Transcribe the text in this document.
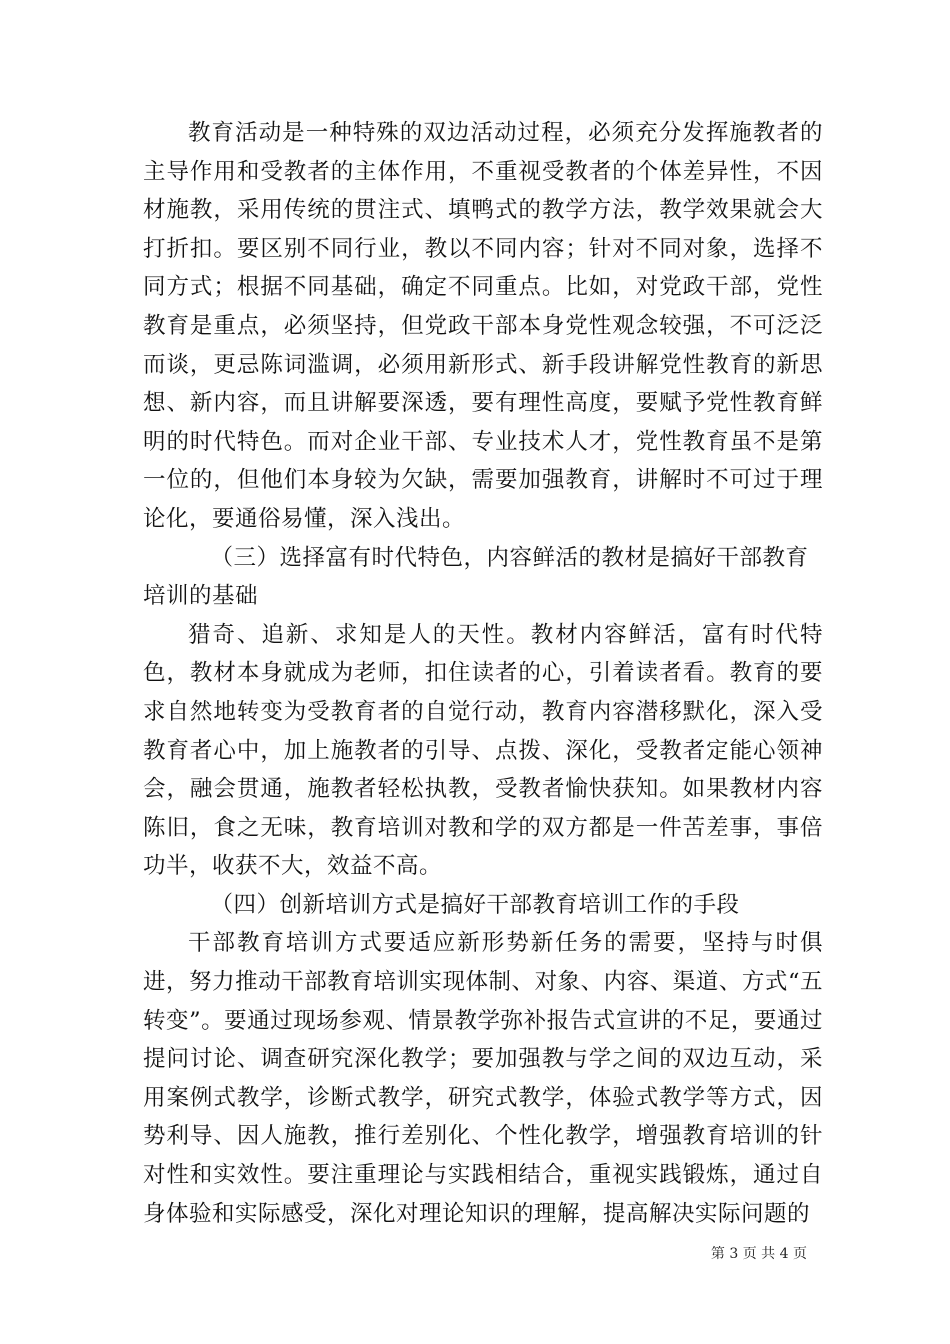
教育活动是一种特殊的双边活动过程，必须充分发挥施教者的主导作用和受教者的主体作用，不重视受教者的个体差异性，不因材施教，采用传统的贯注式、填鸭式的教学方法，教学效果就会大打折扣。要区别不同行业，教以不同内容；针对不同对象，选择不同方式；根据不同基础，确定不同重点。比如，对党政干部，党性教育是重点，必须坚持，但党政干部本身党性观念较强，不可泛泛而谈，更忌陈词滥调，必须用新形式、新手段讲解党性教育的新思想、新内容，而且讲解要深透，要有理性高度，要赋予党性教育鲜明的时代特色。而对企业干部、专业技术人才，党性教育虽不是第一位的，但他们本身较为欠缺，需要加强教育，讲解时不可过于理论化，要通俗易懂，深入浅出。

（三）选择富有时代特色，内容鲜活的教材是搞好干部教育培训的基础

猎奇、追新、求知是人的天性。教材内容鲜活，富有时代特色，教材本身就成为老师，扣住读者的心，引着读者看。教育的要求自然地转变为受教育者的自觉行动，教育内容潜移默化，深入受教育者心中，加上施教者的引导、点拨、深化，受教者定能心领神会，融会贯通，施教者轻松执教，受教者愉快获知。如果教材内容陈旧，食之无味，教育培训对教和学的双方都是一件苦差事，事倍功半，收获不大，效益不高。

（四）创新培训方式是搞好干部教育培训工作的手段

干部教育培训方式要适应新形势新任务的需要，坚持与时俱进，努力推动干部教育培训实现体制、对象、内容、渠道、方式“五转变”。要通过现场参观、情景教学弥补报告式宣讲的不足，要通过提问讨论、调查研究深化教学；要加强教与学之间的双边互动，采用案例式教学，诊断式教学，研究式教学，体验式教学等方式，因势利导、因人施教，推行差别化、个性化教学，增强教育培训的针对性和实效性。要注重理论与实践相结合，重视实践锻炼，通过自身体验和实际感受，深化对理论知识的理解，提高解决实际问题的

第 3 页 共 4 页
